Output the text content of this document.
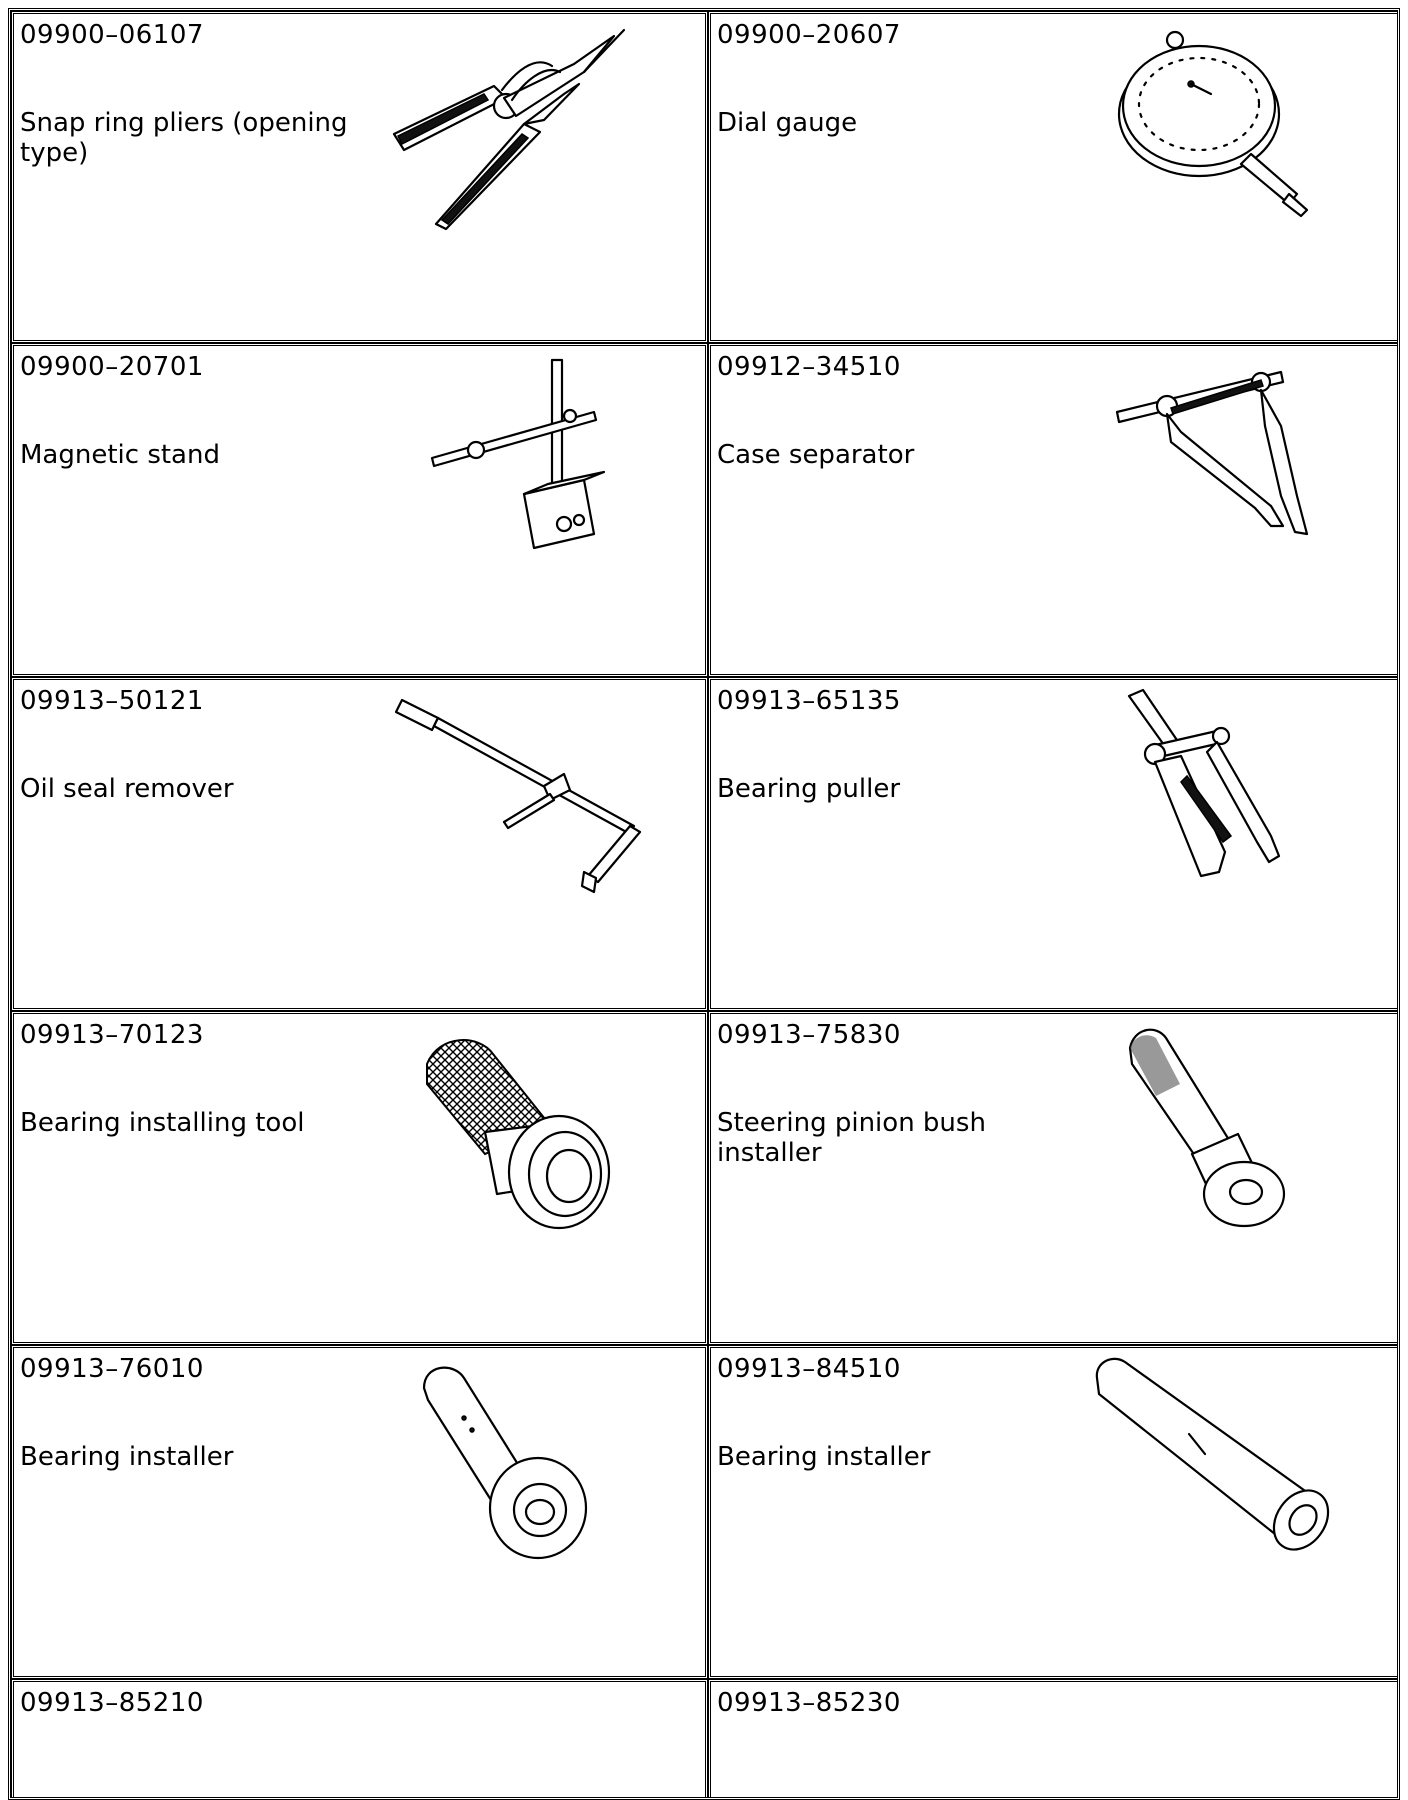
09900–06107
Snap ring pliers (opening type)
09900–20607
Dial gauge
09900–20701
Magnetic stand
09912–34510
Case separator
09913–50121
Oil seal remover
09913–65135
Bearing puller
09913–70123
Bearing installing tool
09913–75830
Steering pinion bush installer
09913–76010
Bearing installer
09913–84510
Bearing installer
09913–85210	09913–85230
